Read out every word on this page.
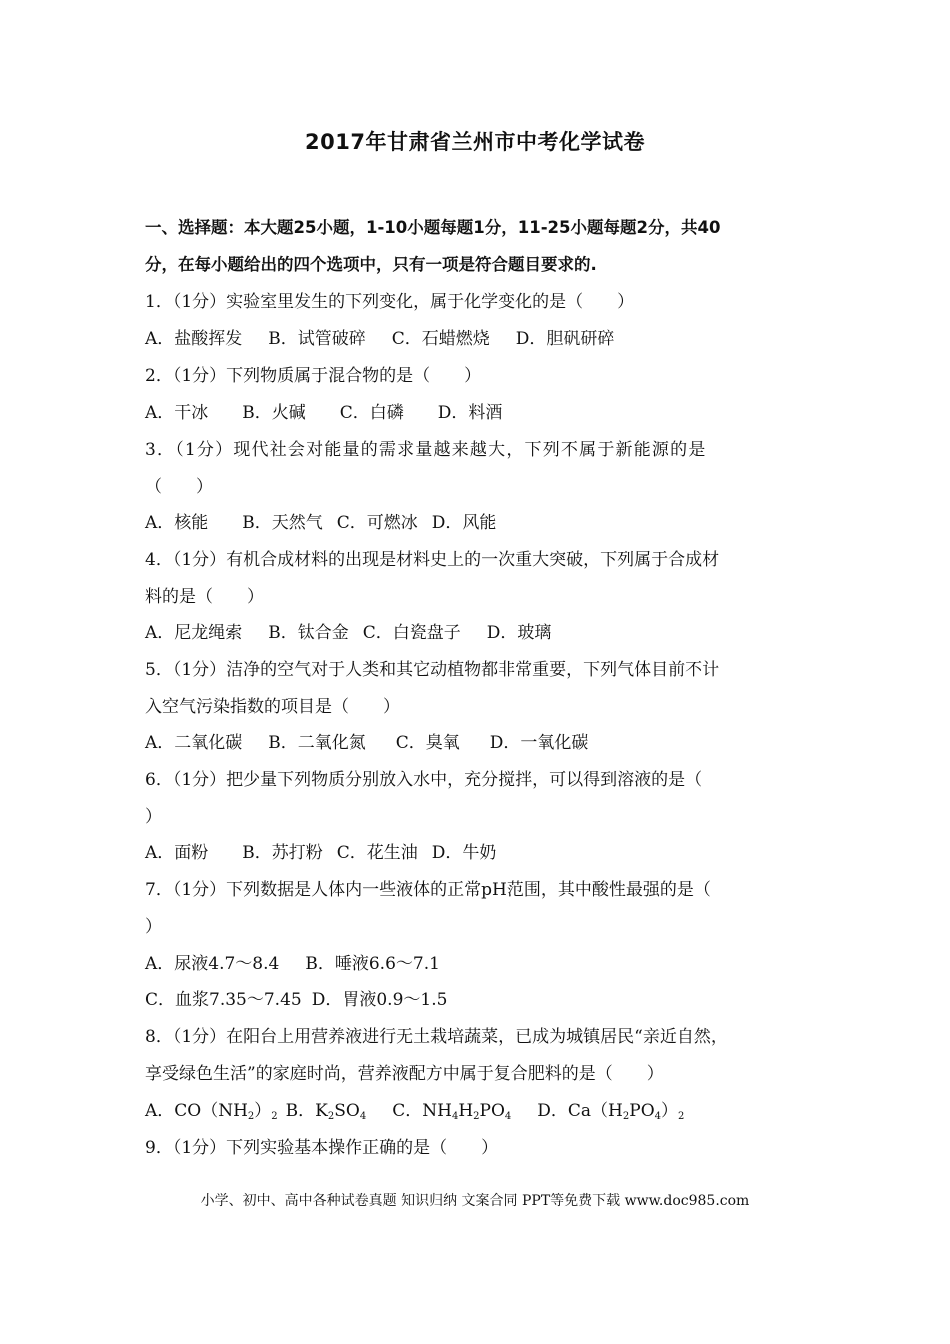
2017年甘肃省兰州市中考化学试卷
一、选择题：本大题25小题，1-10小题每题1分，11-25小题每题2分，共40
分，在每小题给出的四个选项中，只有一项是符合题目要求的.
1．（1分）实验室里发生的下列变化，属于化学变化的是（　　）
A．盐酸挥发 B．试管破碎 C．石蜡燃烧 D．胆矾研碎
2．（1分）下列物质属于混合物的是（　　）
A．干冰 B．火碱 C．白磷 D．料酒
3．（1分）现代社会对能量的需求量越来越大，下列不属于新能源的是
（　　）
A．核能 B．天然气 C．可燃冰 D．风能
4．（1分）有机合成材料的出现是材料史上的一次重大突破，下列属于合成材
料的是（　　）
A．尼龙绳索 B．钛合金 C．白瓷盘子 D．玻璃
5．（1分）洁净的空气对于人类和其它动植物都非常重要，下列气体目前不计
入空气污染指数的项目是（　　）
A．二氧化碳 B．二氧化氮 C．臭氧 D．一氧化碳
6．（1分）把少量下列物质分别放入水中，充分搅拌，可以得到溶液的是（
）
A．面粉 B．苏打粉 C．花生油 D．牛奶
7．（1分）下列数据是人体内一些液体的正常pH范围，其中酸性最强的是（
）
A．尿液4.7～8.4 B．唾液6.6～7.1
C．血浆7.35～7.45 D．胃液0.9～1.5
8．（1分）在阳台上用营养液进行无土栽培蔬菜，已成为城镇居民“亲近自然，
享受绿色生活”的家庭时尚，营养液配方中属于复合肥料的是（　　）
A．$CO(NH_2)_2$ B．$K_2SO_4$ C．$NH_4H_2PO_4$ D．$Ca(H_2PO_4)_2$
9．（1分）下列实验基本操作正确的是（　　）
小学、初中、高中各种试卷真题 知识归纳 文案合同 PPT等免费下载 www.doc985.com
